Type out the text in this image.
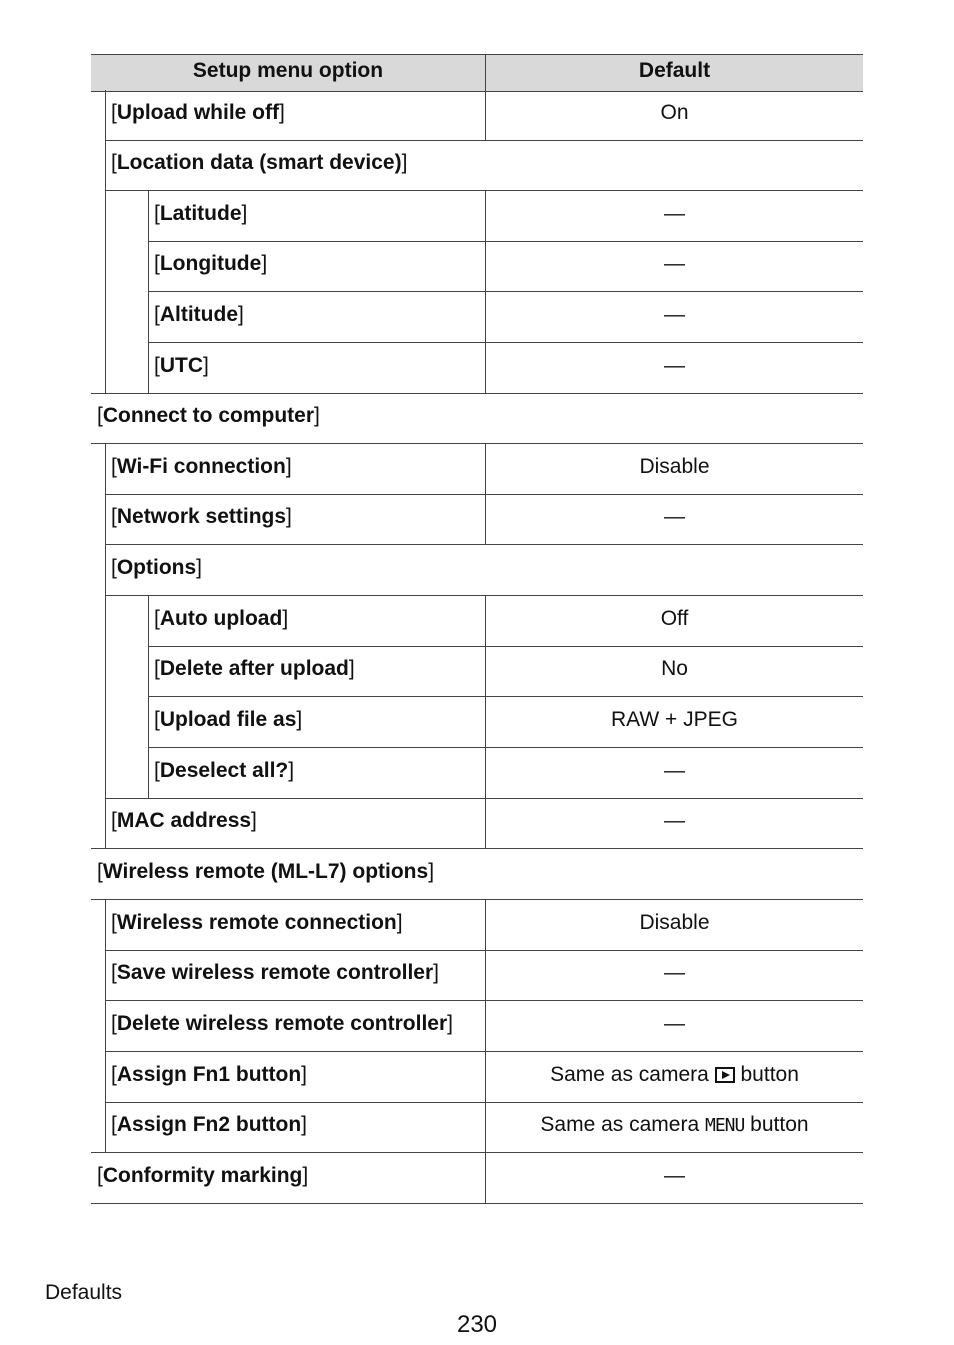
Setup menu option	Default
[Upload while off]	On
[Location data (smart device)]
[Latitude]	—
[Longitude]	—
[Altitude]	—
[UTC]	—
[Connect to computer]
[Wi-Fi connection]	Disable
[Network settings]	—
[Options]
[Auto upload]	Off
[Delete after upload]	No
[Upload file as]	RAW + JPEG
[Deselect all?]	—
[MAC address]	—
[Wireless remote (ML-L7) options]
[Wireless remote connection]	Disable
[Save wireless remote controller]	—
[Delete wireless remote controller]	—
[Assign Fn1 button]	Same as camera  button
[Assign Fn2 button]	Same as camera MENU button
[Conformity marking]	—
Defaults
230
